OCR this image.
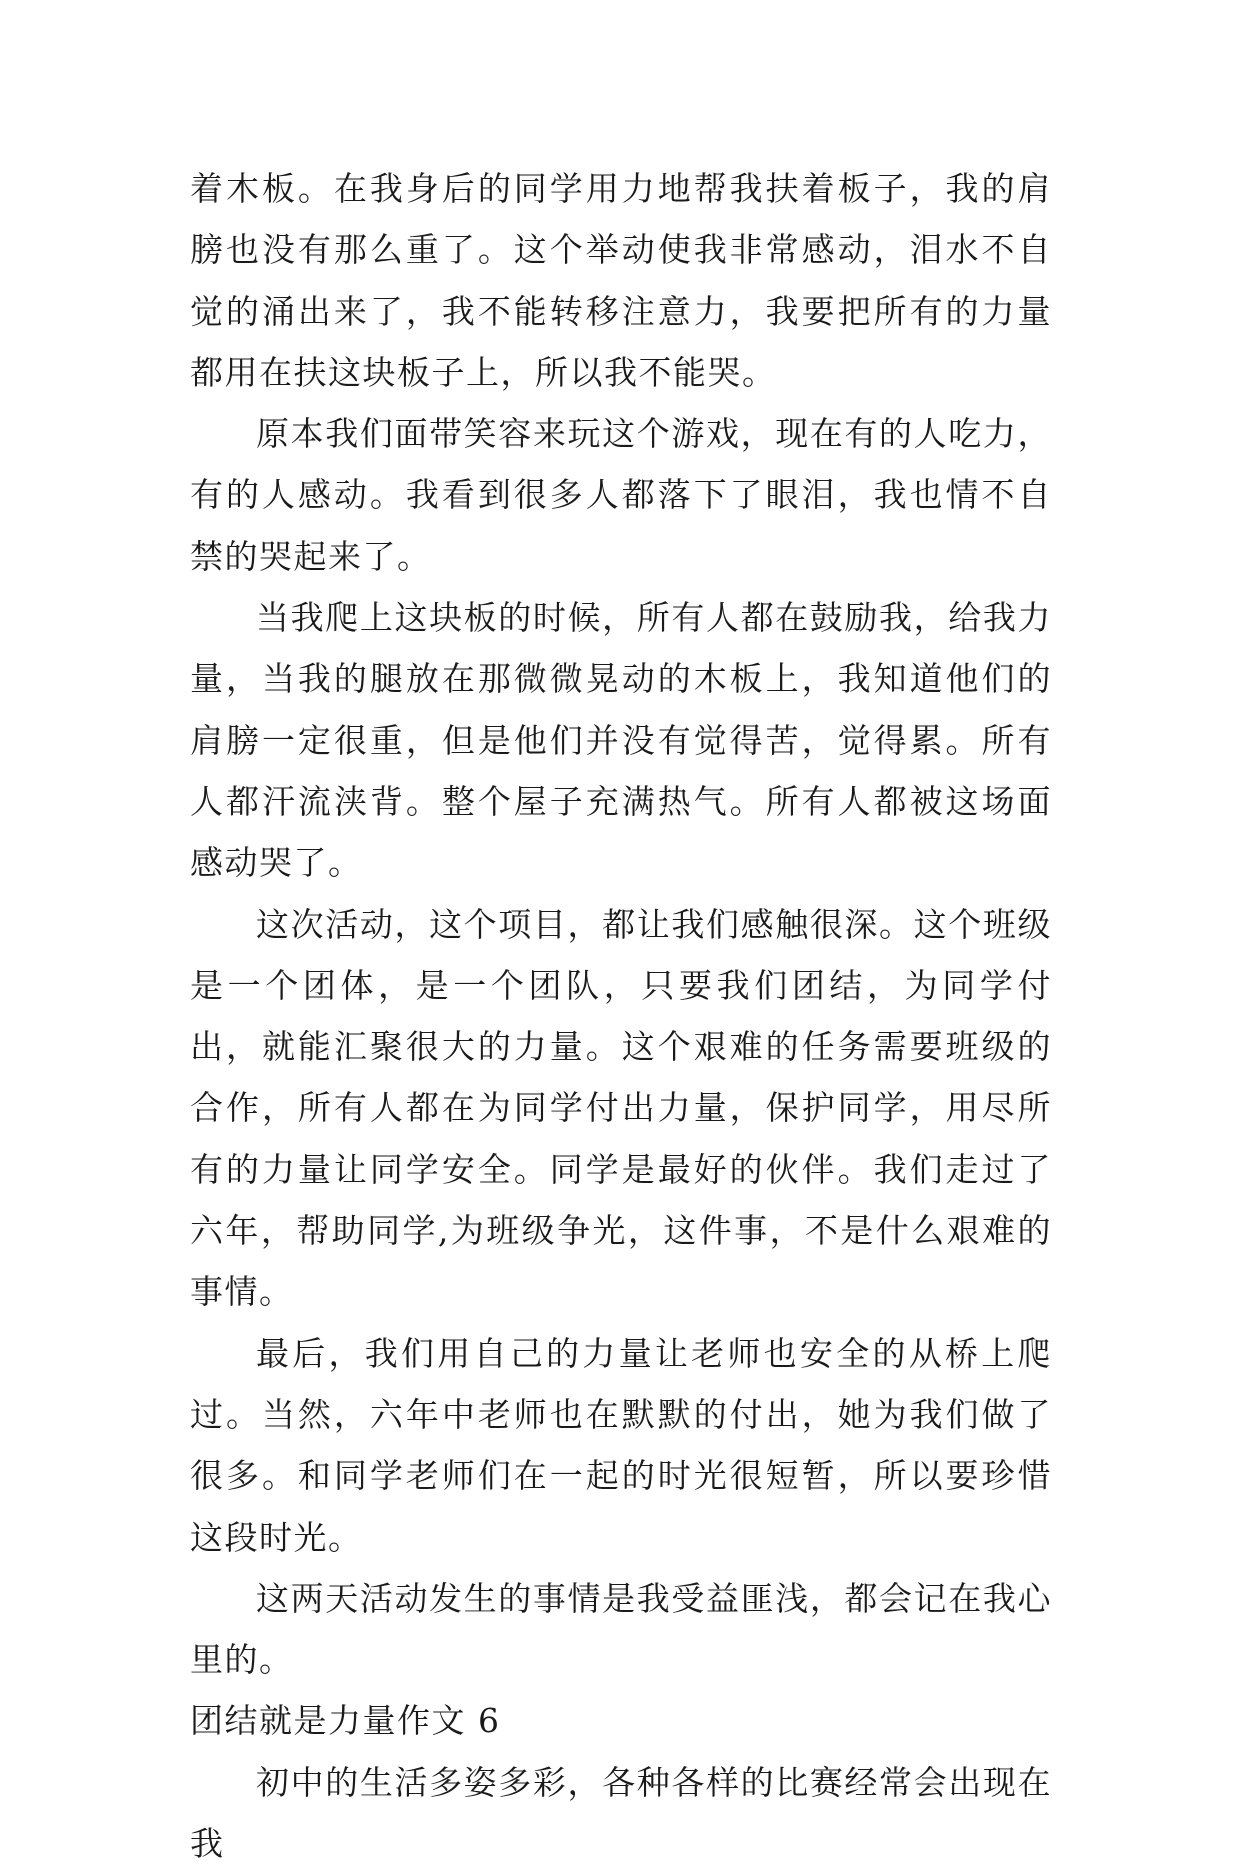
着木板。在我身后的同学用力地帮我扶着板子，我的肩膀也没有那么重了。这个举动使我非常感动，泪水不自觉的涌出来了，我不能转移注意力，我要把所有的力量都用在扶这块板子上，所以我不能哭。

原本我们面带笑容来玩这个游戏，现在有的人吃力，有的人感动。我看到很多人都落下了眼泪，我也情不自禁的哭起来了。

当我爬上这块板的时候，所有人都在鼓励我，给我力量，当我的腿放在那微微晃动的木板上，我知道他们的肩膀一定很重，但是他们并没有觉得苦，觉得累。所有人都汗流浃背。整个屋子充满热气。所有人都被这场面感动哭了。

这次活动，这个项目，都让我们感触很深。这个班级是一个团体，是一个团队，只要我们团结，为同学付出，就能汇聚很大的力量。这个艰难的任务需要班级的合作，所有人都在为同学付出力量，保护同学，用尽所有的力量让同学安全。同学是最好的伙伴。我们走过了六年，帮助同学,为班级争光，这件事，不是什么艰难的事情。

最后，我们用自己的力量让老师也安全的从桥上爬过。当然，六年中老师也在默默的付出，她为我们做了很多。和同学老师们在一起的时光很短暂，所以要珍惜这段时光。

这两天活动发生的事情是我受益匪浅，都会记在我心里的。

团结就是力量作文 6

初中的生活多姿多彩，各种各样的比赛经常会出现在我
